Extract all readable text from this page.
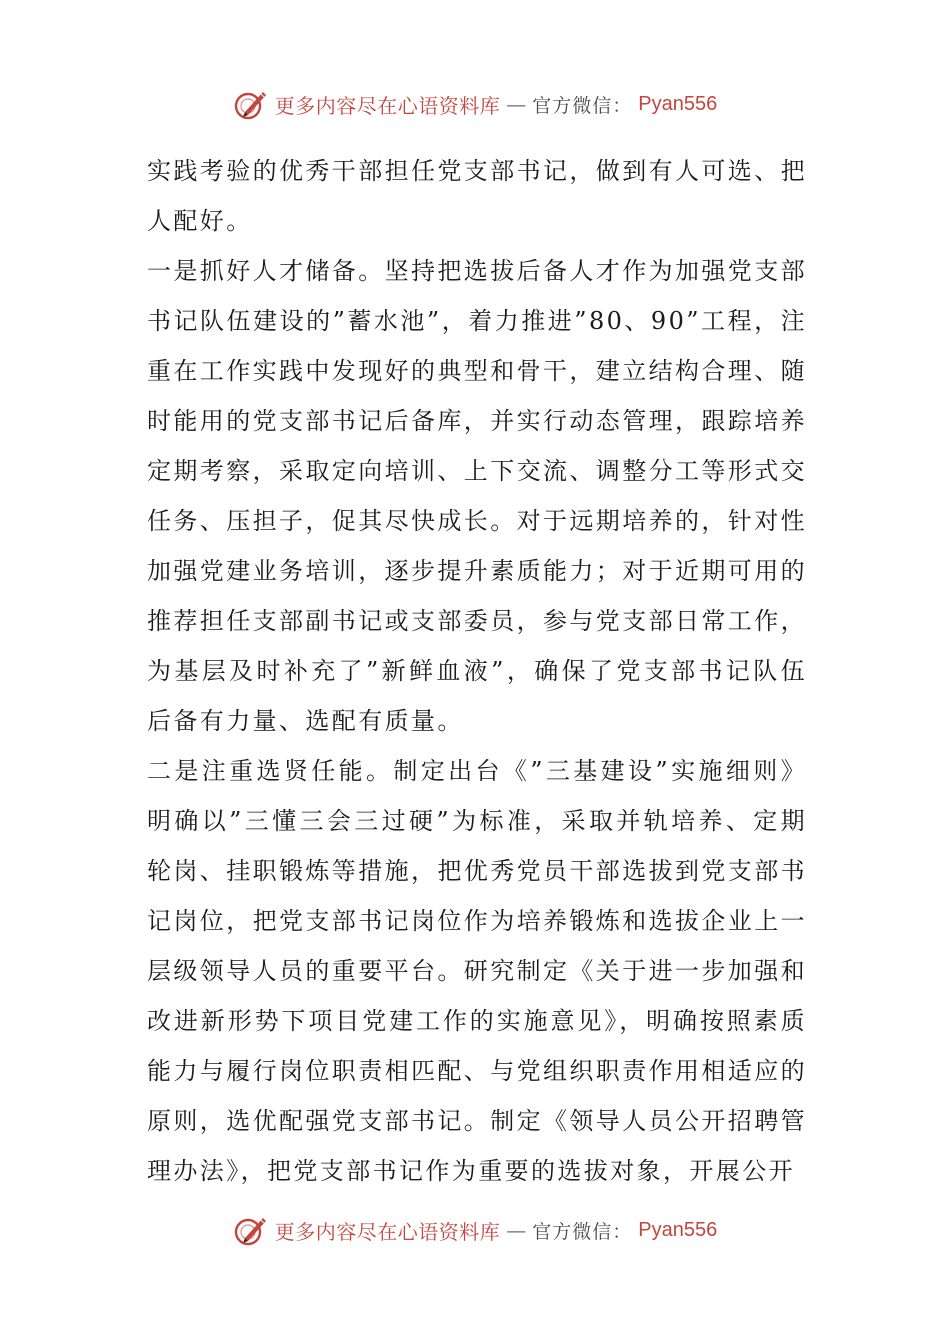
更多内容尽在心语资料库 — 官方微信： Pyan556

实践考验的优秀干部担任党支部书记，做到有人可选、把人配好。

一是抓好人才储备。坚持把选拔后备人才作为加强党支部书记队伍建设的”蓄水池”，着力推进”80、90”工程，注重在工作实践中发现好的典型和骨干，建立结构合理、随时能用的党支部书记后备库，并实行动态管理，跟踪培养定期考察，采取定向培训、上下交流、调整分工等形式交任务、压担子，促其尽快成长。对于远期培养的，针对性加强党建业务培训，逐步提升素质能力；对于近期可用的推荐担任支部副书记或支部委员，参与党支部日常工作，为基层及时补充了”新鲜血液”，确保了党支部书记队伍后备有力量、选配有质量。

二是注重选贤任能。制定出台《”三基建设”实施细则》明确以”三懂三会三过硬”为标准，采取并轨培养、定期轮岗、挂职锻炼等措施，把优秀党员干部选拔到党支部书记岗位，把党支部书记岗位作为培养锻炼和选拔企业上一层级领导人员的重要平台。研究制定《关于进一步加强和改进新形势下项目党建工作的实施意见》，明确按照素质能力与履行岗位职责相匹配、与党组织职责作用相适应的原则，选优配强党支部书记。制定《领导人员公开招聘管理办法》，把党支部书记作为重要的选拔对象，开展公开

更多内容尽在心语资料库 — 官方微信： Pyan556
